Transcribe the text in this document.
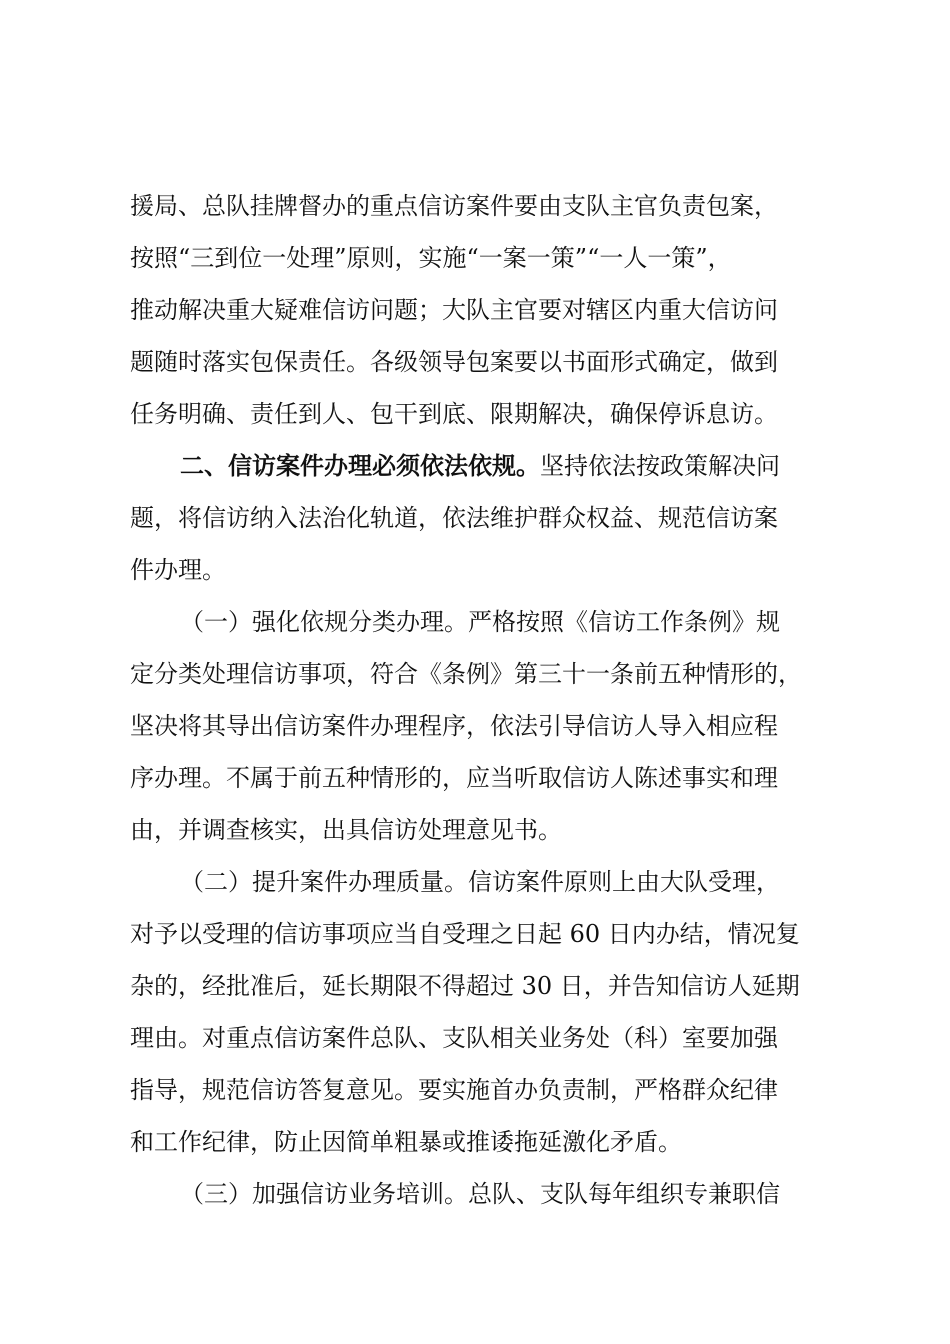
援局、总队挂牌督办的重点信访案件要由支队主官负责包案，
按照“三到位一处理”原则，实施“一案一策”“一人一策”，
推动解决重大疑难信访问题；大队主官要对辖区内重大信访问
题随时落实包保责任。各级领导包案要以书面形式确定，做到
任务明确、责任到人、包干到底、限期解决，确保停诉息访。
二、信访案件办理必须依法依规。坚持依法按政策解决问
题，将信访纳入法治化轨道，依法维护群众权益、规范信访案
件办理。
（一）强化依规分类办理。严格按照《信访工作条例》规
定分类处理信访事项，符合《条例》第三十一条前五种情形的，
坚决将其导出信访案件办理程序，依法引导信访人导入相应程
序办理。不属于前五种情形的，应当听取信访人陈述事实和理
由，并调查核实，出具信访处理意见书。
（二）提升案件办理质量。信访案件原则上由大队受理，
对予以受理的信访事项应当自受理之日起 60 日内办结，情况复
杂的，经批准后，延长期限不得超过 30 日，并告知信访人延期
理由。对重点信访案件总队、支队相关业务处（科）室要加强
指导，规范信访答复意见。要实施首办负责制，严格群众纪律
和工作纪律，防止因简单粗暴或推诿拖延激化矛盾。
（三）加强信访业务培训。总队、支队每年组织专兼职信
